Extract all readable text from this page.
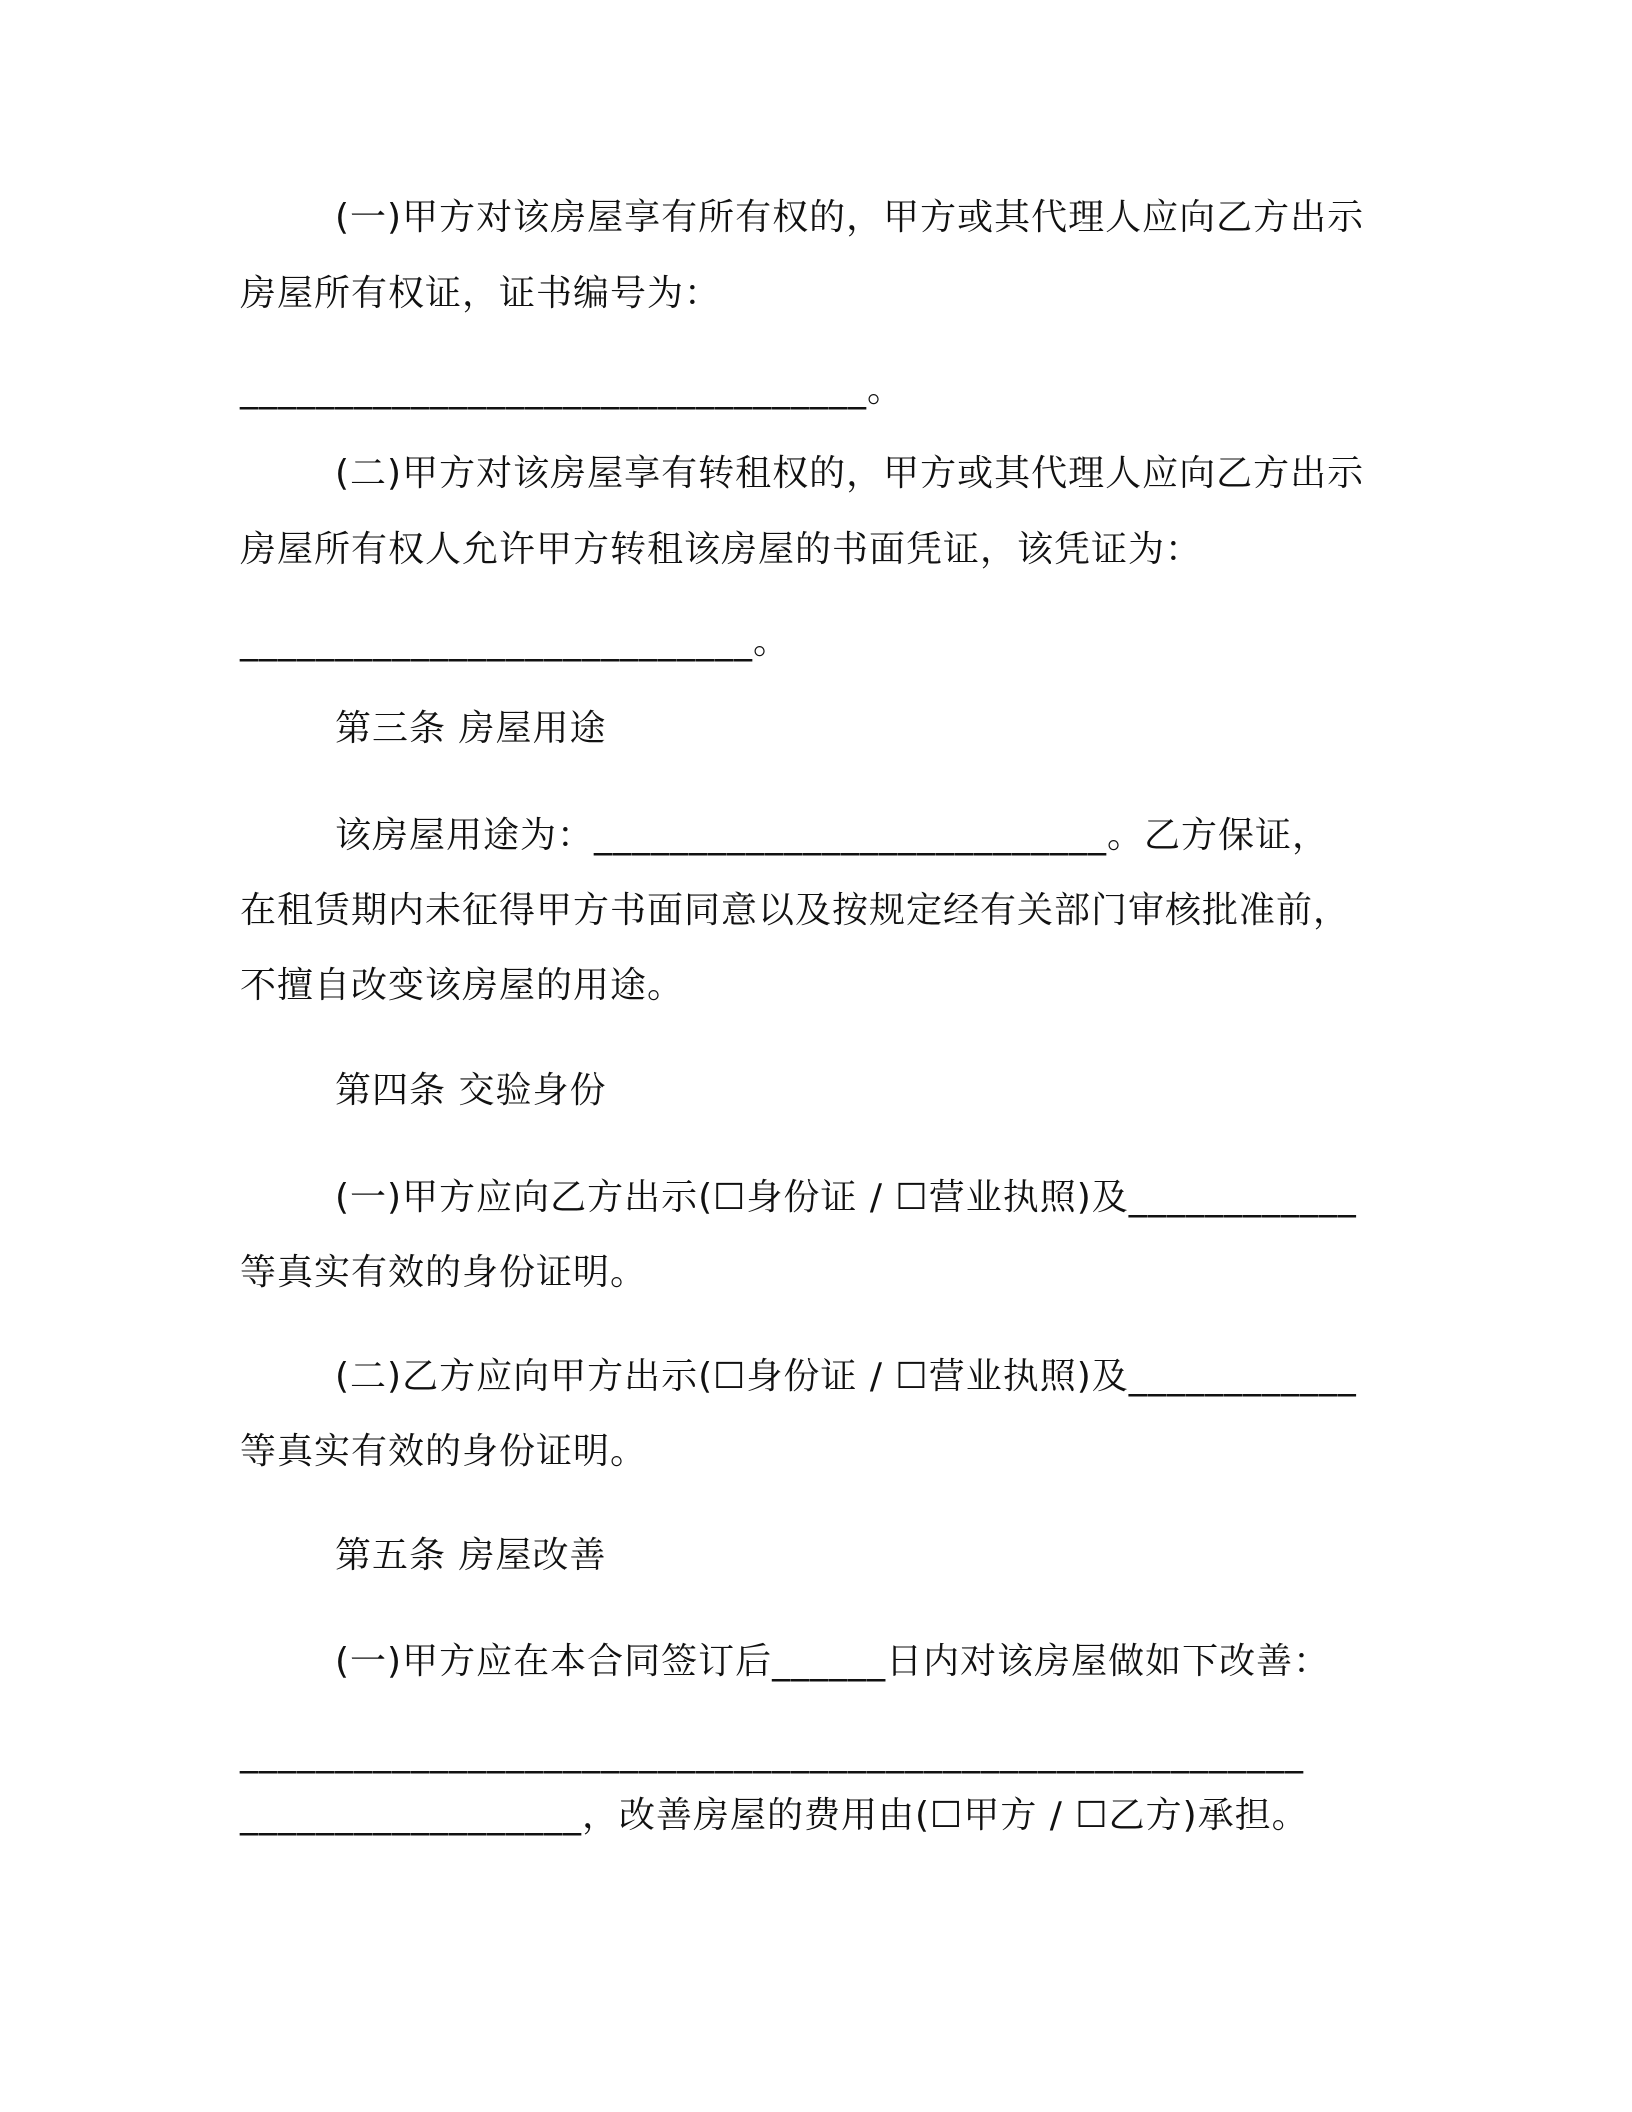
(一)甲方对该房屋享有所有权的，甲方或其代理人应向乙方出示
房屋所有权证，证书编号为：
_________________________________。
(二)甲方对该房屋享有转租权的，甲方或其代理人应向乙方出示
房屋所有权人允许甲方转租该房屋的书面凭证，该凭证为：
___________________________。
第三条 房屋用途
该房屋用途为：___________________________。乙方保证，
在租赁期内未征得甲方书面同意以及按规定经有关部门审核批准前，
不擅自改变该房屋的用途。
第四条 交验身份
(一)甲方应向乙方出示(☐身份证 / ☐营业执照)及____________
等真实有效的身份证明。
(二)乙方应向甲方出示(☐身份证 / ☐营业执照)及____________
等真实有效的身份证明。
第五条 房屋改善
(一)甲方应在本合同签订后______日内对该房屋做如下改善：
________________________________________________________
__________________，改善房屋的费用由(☐甲方 / ☐乙方)承担。
